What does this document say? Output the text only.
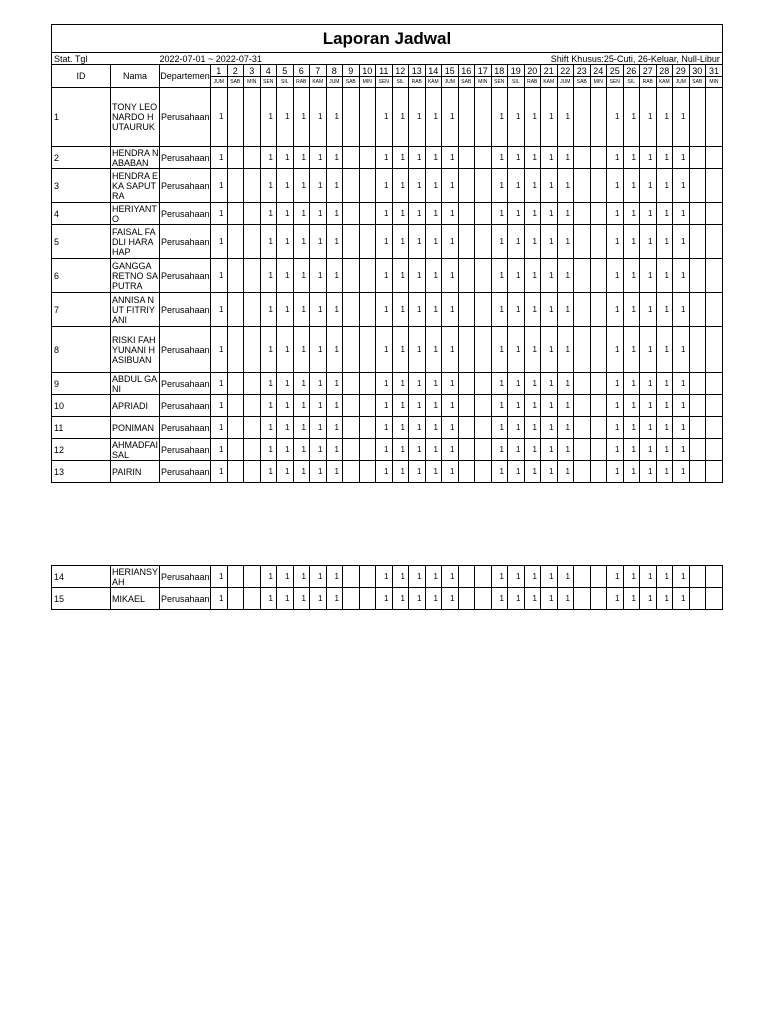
Laporan Jadwal																																	
Stat. Tgl		2022-07-01 ~ 2022-07-31												Shift Khusus:25-Cuti, 26-Keluar, Null-Libur																			
ID	Nama	Departemen	1	2	3	4	5	6	7	8	9	10	11	12	13	14	15	16	17	18	19	20	21	22	23	24	25	26	27	28	29	30	31
			JUM	SAB	MIN	SEN	SIL	RAB	KAM	JUM	SAB	MIN	SEN	SIL	RAB	KAM	JUM	SAB	MIN	SEN	SIL	RAB	KAM	JUM	SAB	MIN	SEN	SIL	RAB	KAM	JUM	SAB	MIN
1	TONY LEONARDO HUTAURUK	Perusahaan	1			1	1	1	1	1			1	1	1	1	1			1	1	1	1	1			1	1	1	1	1		
2	HENDRA NABABAN	Perusahaan	1			1	1	1	1	1			1	1	1	1	1			1	1	1	1	1			1	1	1	1	1		
3	HENDRA EKA SAPUTRA	Perusahaan	1			1	1	1	1	1			1	1	1	1	1			1	1	1	1	1			1	1	1	1	1		
4	HERIYANTO	Perusahaan	1			1	1	1	1	1			1	1	1	1	1			1	1	1	1	1			1	1	1	1	1		
5	FAISAL FADLI HARAHAP	Perusahaan	1			1	1	1	1	1			1	1	1	1	1			1	1	1	1	1			1	1	1	1	1		
6	GANGGA RETNO SAPUTRA	Perusahaan	1			1	1	1	1	1			1	1	1	1	1			1	1	1	1	1			1	1	1	1	1		
7	ANNISA NUT FITRIYANI	Perusahaan	1			1	1	1	1	1			1	1	1	1	1			1	1	1	1	1			1	1	1	1	1		
8	RISKI FAHYUNANI HASIBUAN	Perusahaan	1			1	1	1	1	1			1	1	1	1	1			1	1	1	1	1			1	1	1	1	1		
9	ABDUL GANI	Perusahaan	1			1	1	1	1	1			1	1	1	1	1			1	1	1	1	1			1	1	1	1	1		
10	APRIADI	Perusahaan	1			1	1	1	1	1			1	1	1	1	1			1	1	1	1	1			1	1	1	1	1		
11	PONIMAN	Perusahaan	1			1	1	1	1	1			1	1	1	1	1			1	1	1	1	1			1	1	1	1	1		
12	AHMADFAISAL	Perusahaan	1			1	1	1	1	1			1	1	1	1	1			1	1	1	1	1			1	1	1	1	1		
13	PAIRIN	Perusahaan	1			1	1	1	1	1			1	1	1	1	1			1	1	1	1	1			1	1	1	1	1		
14	HERIANSYAH	Perusahaan	1			1	1	1	1	1			1	1	1	1	1			1	1	1	1	1			1	1	1	1	1		
15	MIKAEL	Perusahaan	1			1	1	1	1	1			1	1	1	1	1			1	1	1	1	1			1	1	1	1	1		
